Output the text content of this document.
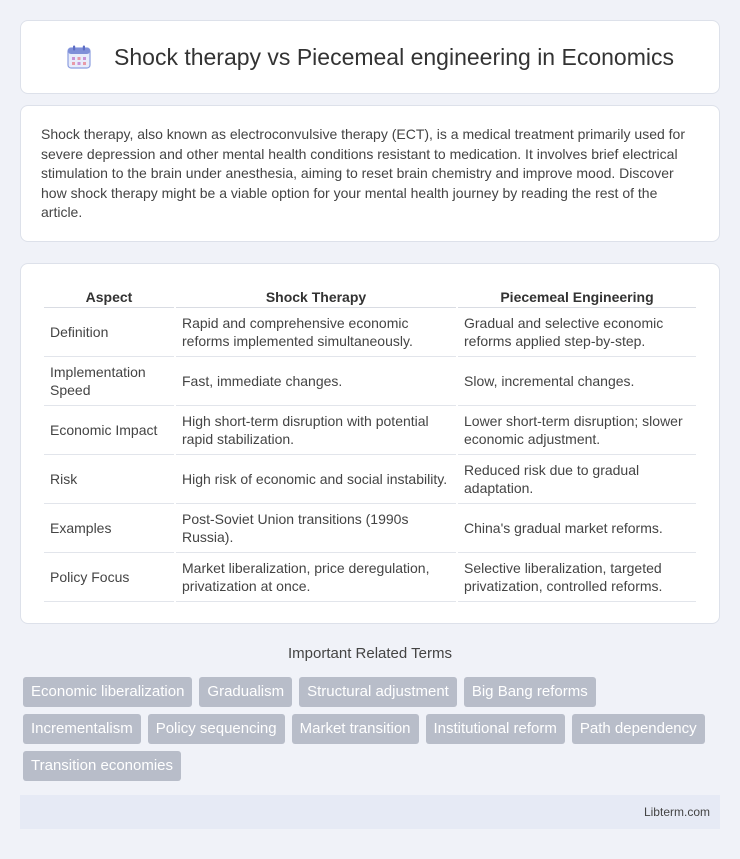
Shock therapy vs Piecemeal engineering in Economics

Shock therapy, also known as electroconvulsive therapy (ECT), is a medical treatment primarily used for severe depression and other mental health conditions resistant to medication. It involves brief electrical stimulation to the brain under anesthesia, aiming to reset brain chemistry and improve mood. Discover how shock therapy might be a viable option for your mental health journey by reading the rest of the article.

Aspect	Shock Therapy	Piecemeal Engineering
Definition	Rapid and comprehensive economic reforms implemented simultaneously.	Gradual and selective economic reforms applied step-by-step.
Implementation Speed	Fast, immediate changes.	Slow, incremental changes.
Economic Impact	High short-term disruption with potential rapid stabilization.	Lower short-term disruption; slower economic adjustment.
Risk	High risk of economic and social instability.	Reduced risk due to gradual adaptation.
Examples	Post-Soviet Union transitions (1990s Russia).	China's gradual market reforms.
Policy Focus	Market liberalization, price deregulation, privatization at once.	Selective liberalization, targeted privatization, controlled reforms.
Important Related Terms
Economic liberalization	Gradualism	Structural adjustment	Big Bang reforms
Incrementalism	Policy sequencing	Market transition	Institutional reform	Path dependency
Transition economies
Libterm.com
